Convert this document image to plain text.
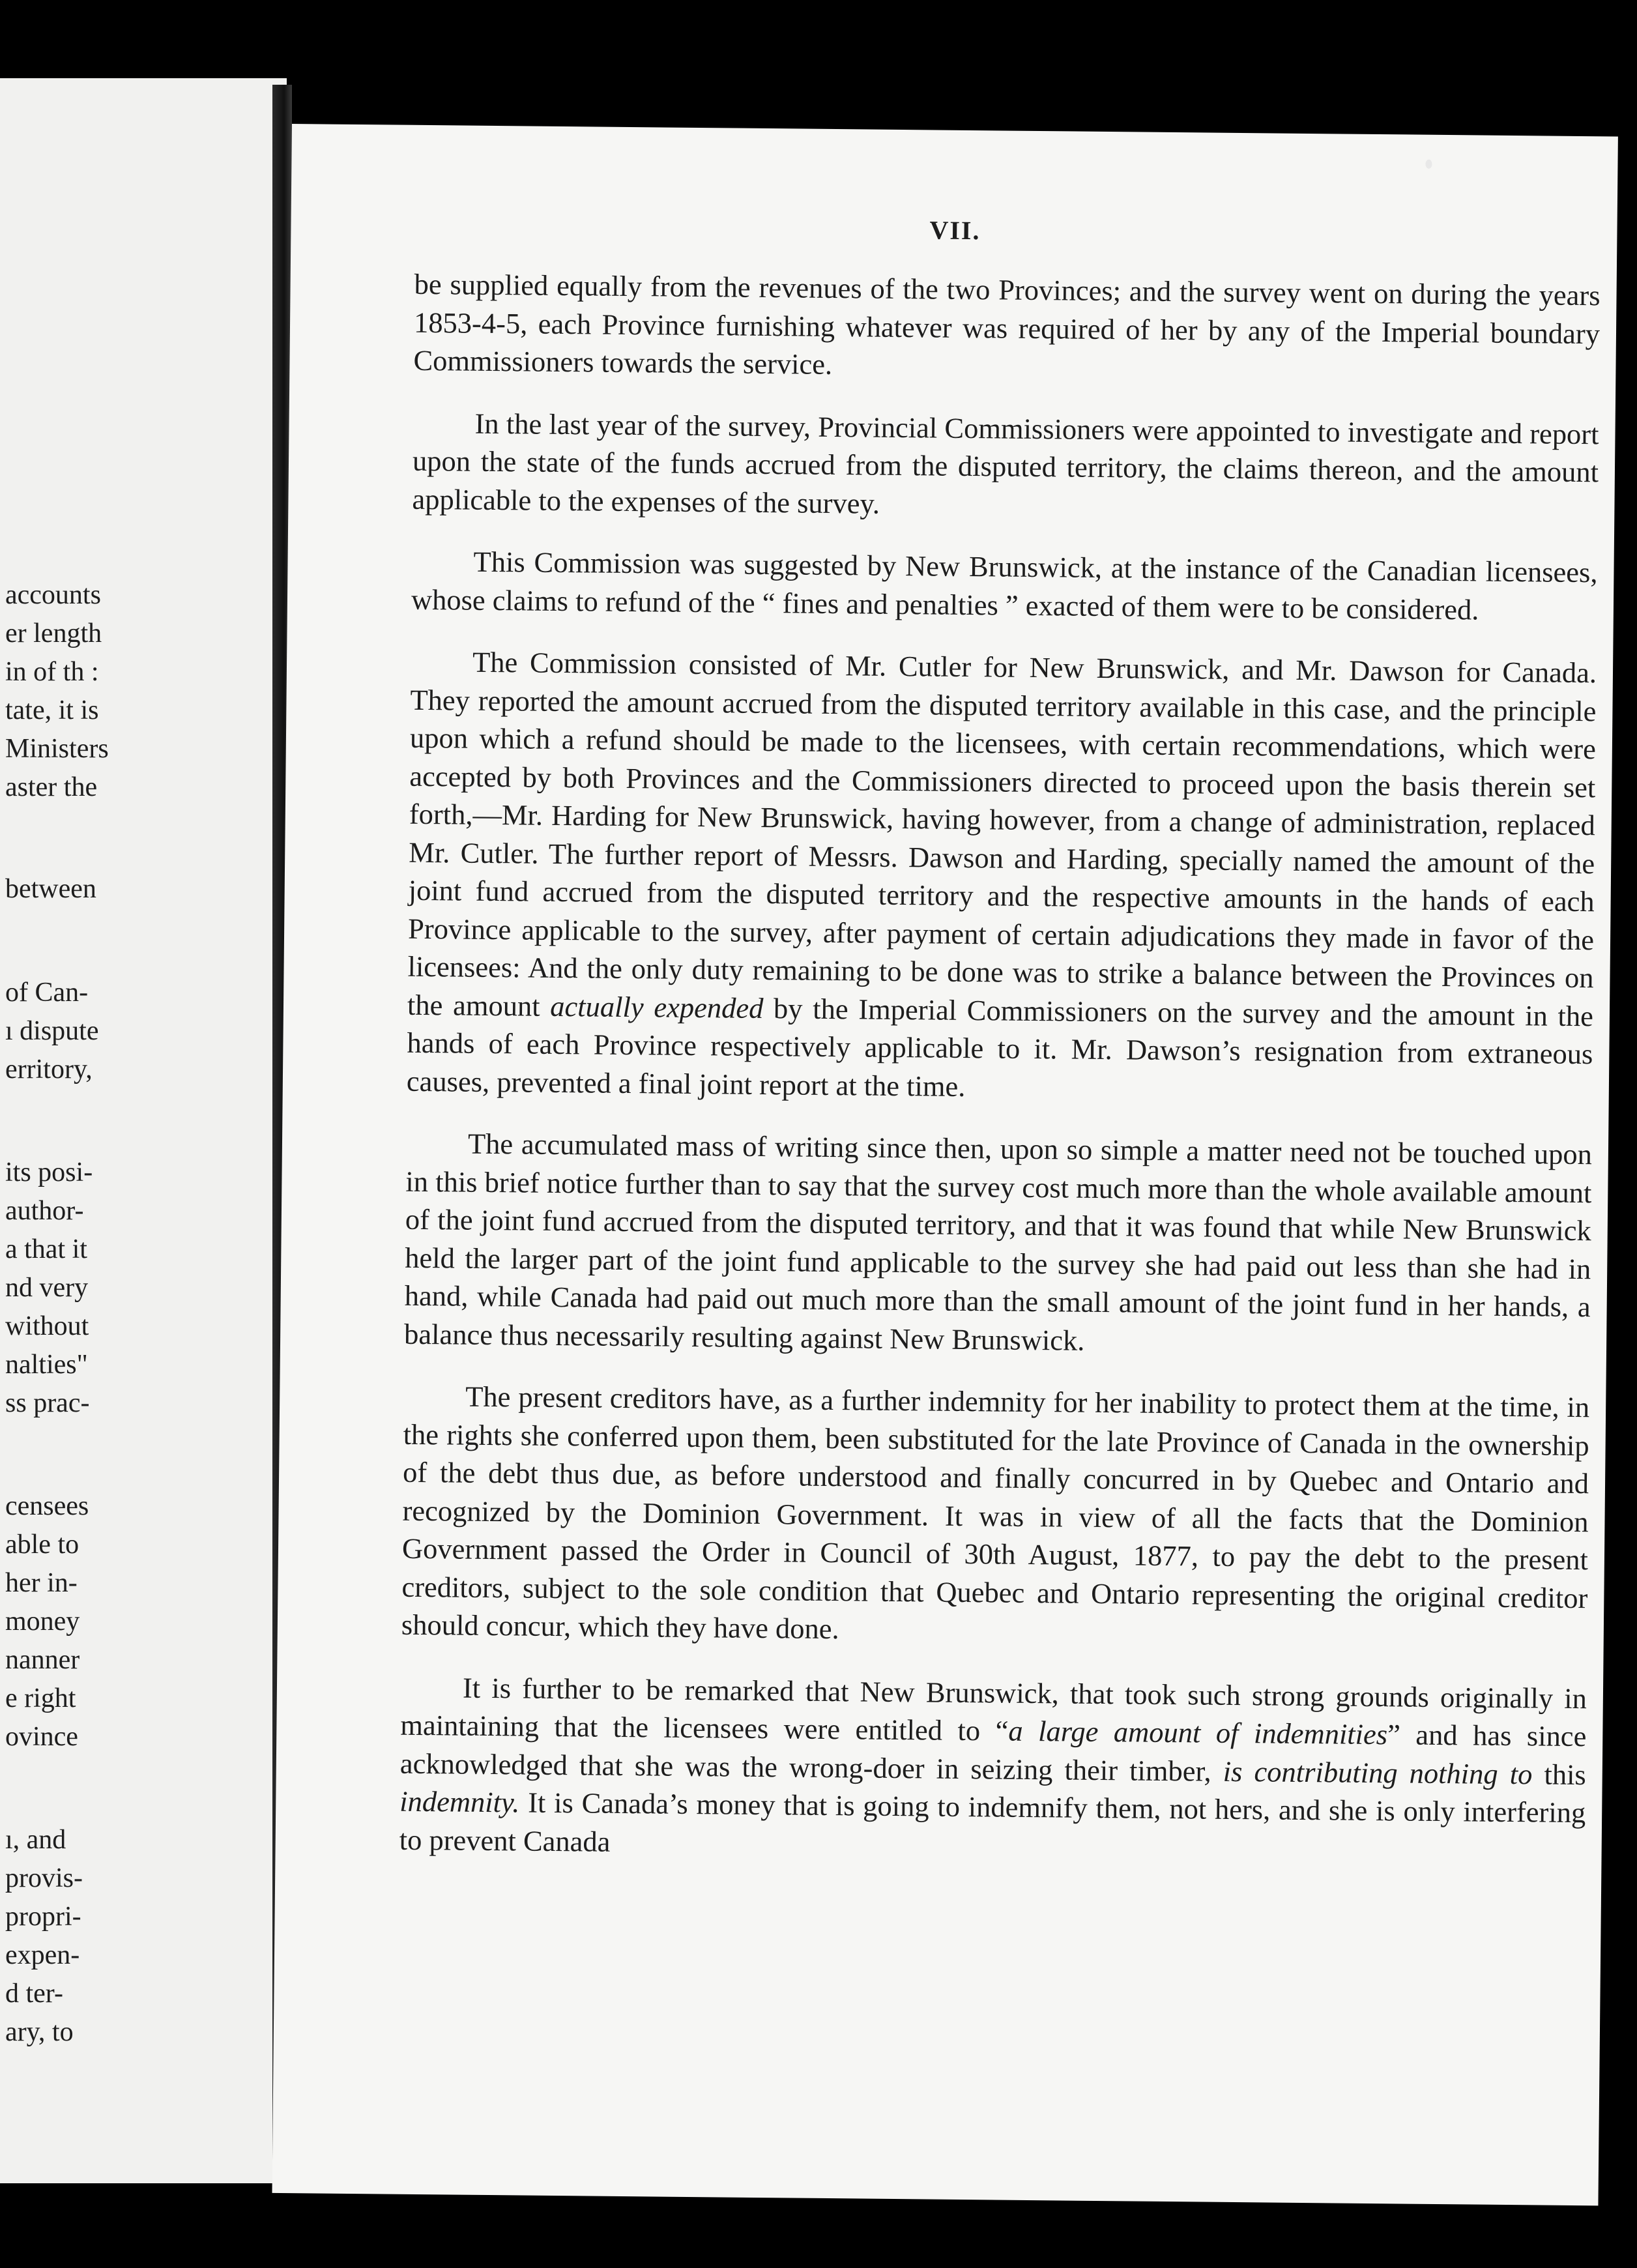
accounts
er length
in of th :
tate, it is
Ministers
aster the
between
of Can-
ı dispute
erritory,
its posi-
author-
a that it
nd very
without
nalties"
ss prac-
censees
able to
her in-
money
nanner
e right
ovince
ı, and
provis-
propri-
expen-
d ter-
ary, to
VII.

be supplied equally from the revenues of the two Provinces; and the survey went on during the years 1853-4-5, each Province furnishing whatever was required of her by any of the Imperial boundary Commissioners towards the service.

In the last year of the survey, Provincial Commissioners were appointed to investigate and report upon the state of the funds accrued from the disputed territory, the claims thereon, and the amount applicable to the expenses of the survey.

This Commission was suggested by New Brunswick, at the instance of the Canadian licensees, whose claims to refund of the “ fines and penalties ” exacted of them were to be considered.

The Commission consisted of Mr. Cutler for New Brunswick, and Mr. Dawson for Canada. They reported the amount accrued from the disputed territory available in this case, and the principle upon which a refund should be made to the licensees, with certain recommendations, which were accepted by both Provinces and the Commissioners directed to proceed upon the basis therein set forth,—Mr. Harding for New Brunswick, having however, from a change of administration, replaced Mr. Cutler. The further report of Messrs. Dawson and Harding, specially named the amount of the joint fund accrued from the disputed territory and the respective amounts in the hands of each Province applicable to the survey, after payment of certain adjudications they made in favor of the licensees: And the only duty remaining to be done was to strike a balance between the Provinces on the amount actually expended by the Imperial Commissioners on the survey and the amount in the hands of each Province respectively applicable to it. Mr. Dawson’s resignation from extraneous causes, prevented a final joint report at the time.

The accumulated mass of writing since then, upon so simple a matter need not be touched upon in this brief notice further than to say that the survey cost much more than the whole available amount of the joint fund accrued from the disputed territory, and that it was found that while New Brunswick held the larger part of the joint fund applicable to the survey she had paid out less than she had in hand, while Canada had paid out much more than the small amount of the joint fund in her hands, a balance thus necessarily resulting against New Brunswick.

The present creditors have, as a further indemnity for her inability to protect them at the time, in the rights she conferred upon them, been substituted for the late Province of Canada in the ownership of the debt thus due, as before understood and finally concurred in by Quebec and Ontario and recognized by the Dominion Government. It was in view of all the facts that the Dominion Government passed the Order in Council of 30th August, 1877, to pay the debt to the present creditors, subject to the sole condition that Quebec and Ontario representing the original creditor should concur, which they have done.

It is further to be remarked that New Brunswick, that took such strong grounds originally in maintaining that the licensees were entitled to “a large amount of indemnities” and has since acknowledged that she was the wrong-doer in seizing their timber, is contributing nothing to this indemnity. It is Canada’s money that is going to indemnify them, not hers, and she is only interfering to prevent Canada
